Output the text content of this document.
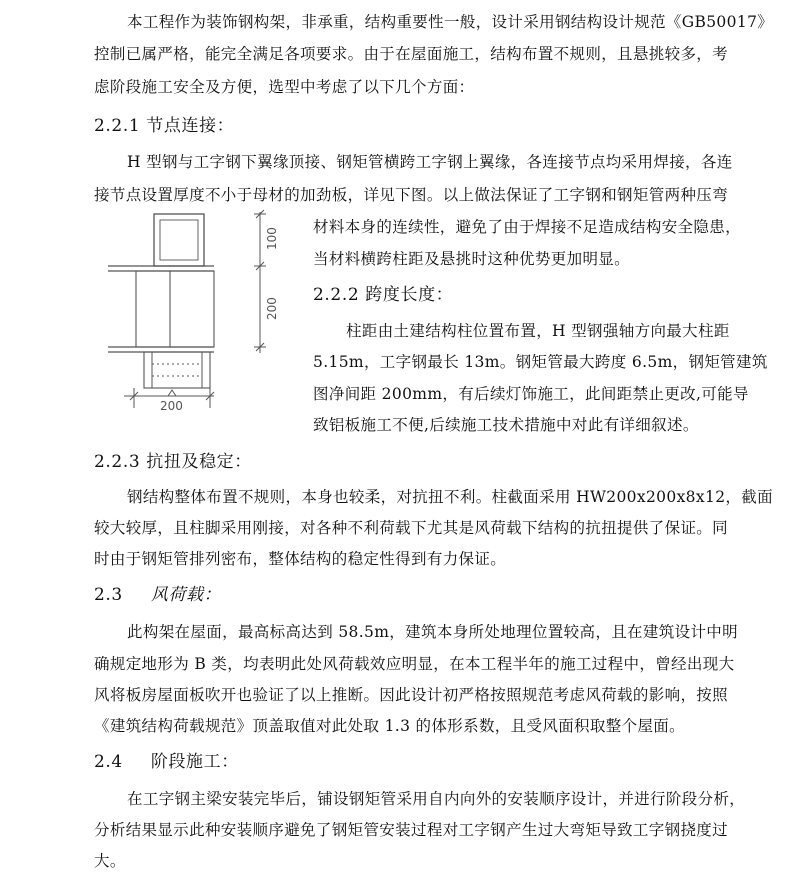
本工程作为装饰钢构架，非承重，结构重要性一般，设计采用钢结构设计规范《GB50017》
控制已属严格，能完全满足各项要求。由于在屋面施工，结构布置不规则，且悬挑较多，考
虑阶段施工安全及方便，选型中考虑了以下几个方面：
2.2.1 节点连接：
H 型钢与工字钢下翼缘顶接、钢矩管横跨工字钢上翼缘，各连接节点均采用焊接，各连
接节点设置厚度不小于母材的加劲板，详见下图。以上做法保证了工字钢和钢矩管两种压弯
材料本身的连续性，避免了由于焊接不足造成结构安全隐患，
当材料横跨柱距及悬挑时这种优势更加明显。
100
200
200
2.2.2 跨度长度：
柱距由土建结构柱位置布置，H 型钢强轴方向最大柱距
5.15m，工字钢最长 13m。钢矩管最大跨度 6.5m，钢矩管建筑
图净间距 200mm，有后续灯饰施工，此间距禁止更改,可能导
致铝板施工不便,后续施工技术措施中对此有详细叙述。
2.2.3 抗扭及稳定：
钢结构整体布置不规则，本身也较柔，对抗扭不利。柱截面采用 HW200x200x8x12，截面
较大较厚，且柱脚采用刚接，对各种不利荷载下尤其是风荷载下结构的抗扭提供了保证。同
时由于钢矩管排列密布，整体结构的稳定性得到有力保证。
2.3 风荷载：
此构架在屋面，最高标高达到 58.5m，建筑本身所处地理位置较高，且在建筑设计中明
确规定地形为 B 类，均表明此处风荷载效应明显，在本工程半年的施工过程中，曾经出现大
风将板房屋面板吹开也验证了以上推断。因此设计初严格按照规范考虑风荷载的影响，按照
《建筑结构荷载规范》顶盖取值对此处取 1.3 的体形系数，且受风面积取整个屋面。
2.4 阶段施工：
在工字钢主梁安装完毕后，铺设钢矩管采用自内向外的安装顺序设计，并进行阶段分析，
分析结果显示此种安装顺序避免了钢矩管安装过程对工字钢产生过大弯矩导致工字钢挠度过
大。
